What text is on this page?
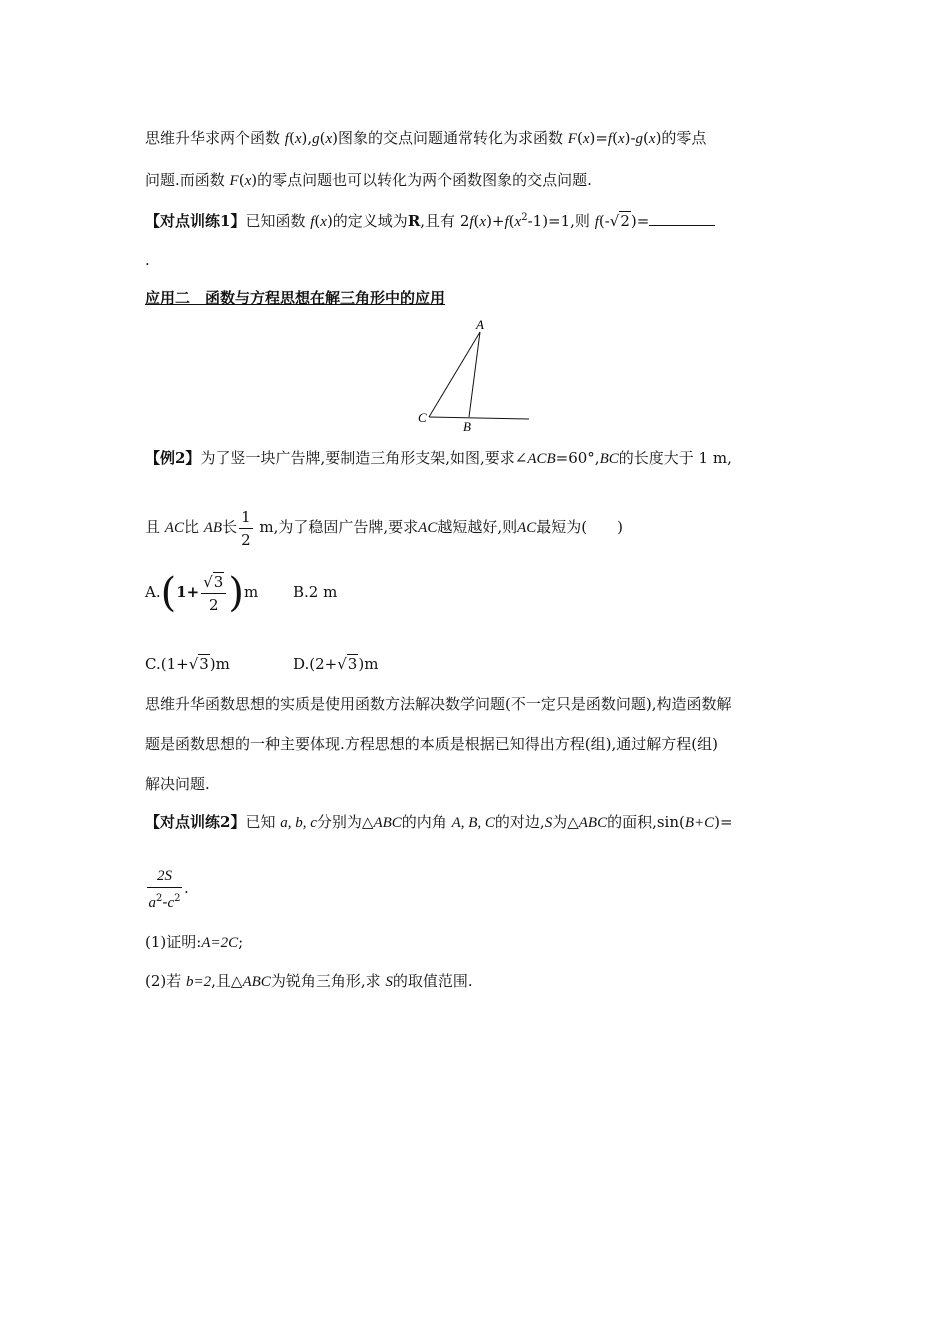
思维升华求两个函数 f(x),g(x)图象的交点问题通常转化为求函数 F(x)=f(x)-g(x)的零点
问题.而函数 F(x)的零点问题也可以转化为两个函数图象的交点问题.
【对点训练1】已知函数 f(x)的定义域为R,且有 $2f(x)+f(x^2-1)=1$,则 f(-√2)=
.
应用二　函数与方程思想在解三角形中的应用
A
B
C
【例2】为了竖一块广告牌,要制造三角形支架,如图,要求∠ACB=60°,BC的长度大于 1 m,
且 AC比 AB长 $\frac{1}{2} m$,为了稳固广告牌,要求AC越短越好,则AC最短为(　　)
$A.(1+ \frac{√3}{2} )m$ B.2 m
C.(1+√3)m	D.(2+√3)m
思维升华函数思想的实质是使用函数方法解决数学问题(不一定只是函数问题),构造函数解
题是函数思想的一种主要体现.方程思想的本质是根据已知得出方程(组),通过解方程(组)
解决问题.
【对点训练2】已知 a, b, c分别为△ABC的内角 A, B, C的对边,S为△ABC的面积,sin(B+C)=
$\frac{2S}{a^2-c^2}$ .
(1)证明:A=2C;
(2)若 b=2,且△ABC为锐角三角形,求 S的取值范围.
